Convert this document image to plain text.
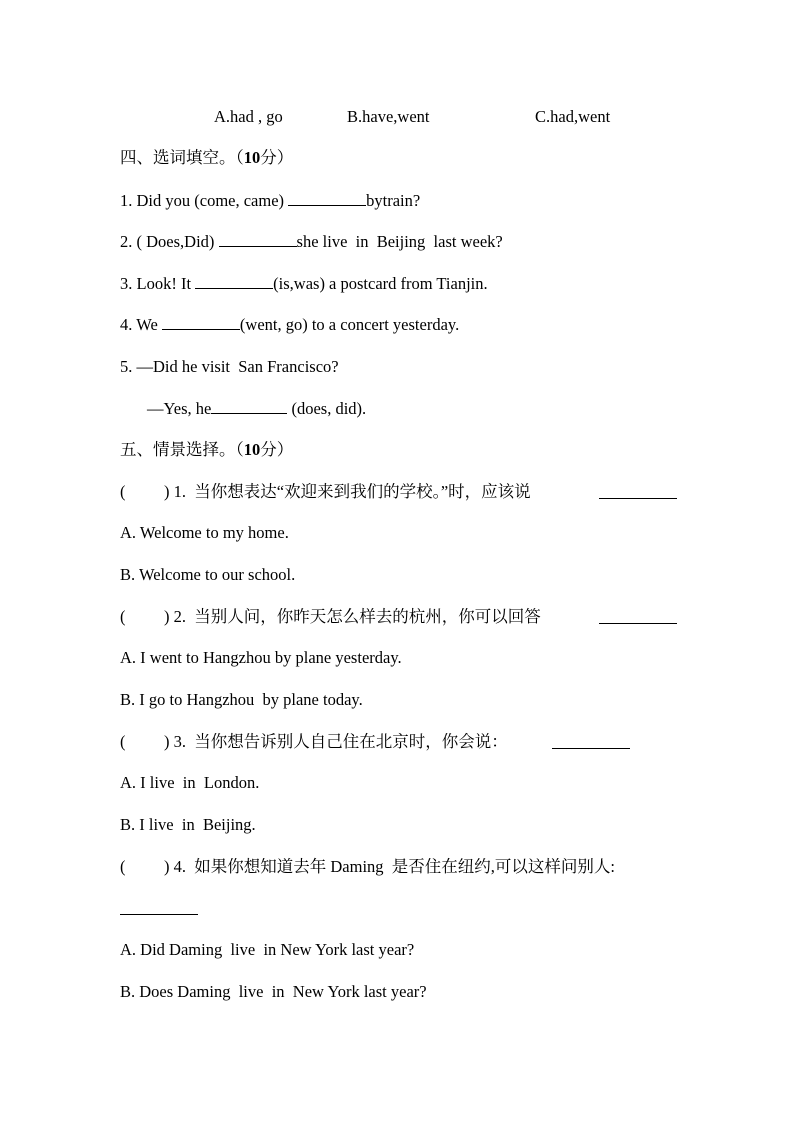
A.had , go	B.have,went	C.had,went
四、选词填空。（10分）
1. Did you (come, came)	bytrain?
2. ( Does,Did)	she live  in  Beijing  last week?
3. Look! It	(is,was) a postcard from Tianjin.
4. We	(went, go) to a concert yesterday.
5. —Did he visit  San Francisco?
—Yes, he	(does, did).
五、情景选择。（10分）
( ) 1. 当你想表达“欢迎来到我们的学校。”时，应该说
A. Welcome to my home.
B. Welcome to our school.
( ) 2. 当别人问，你昨天怎么样去的杭州，你可以回答
A. I went to Hangzhou by plane yesterday.
B. I go to Hangzhou  by plane today.
( ) 3. 当你想告诉别人自己住在北京时，你会说：
A. I live  in  London.
B. I live  in  Beijing.
( ) 4. 如果你想知道去年 Daming  是否住在纽约,可以这样问别人:
A. Did Daming  live  in New York last year?
B. Does Daming  live  in  New York last year?
